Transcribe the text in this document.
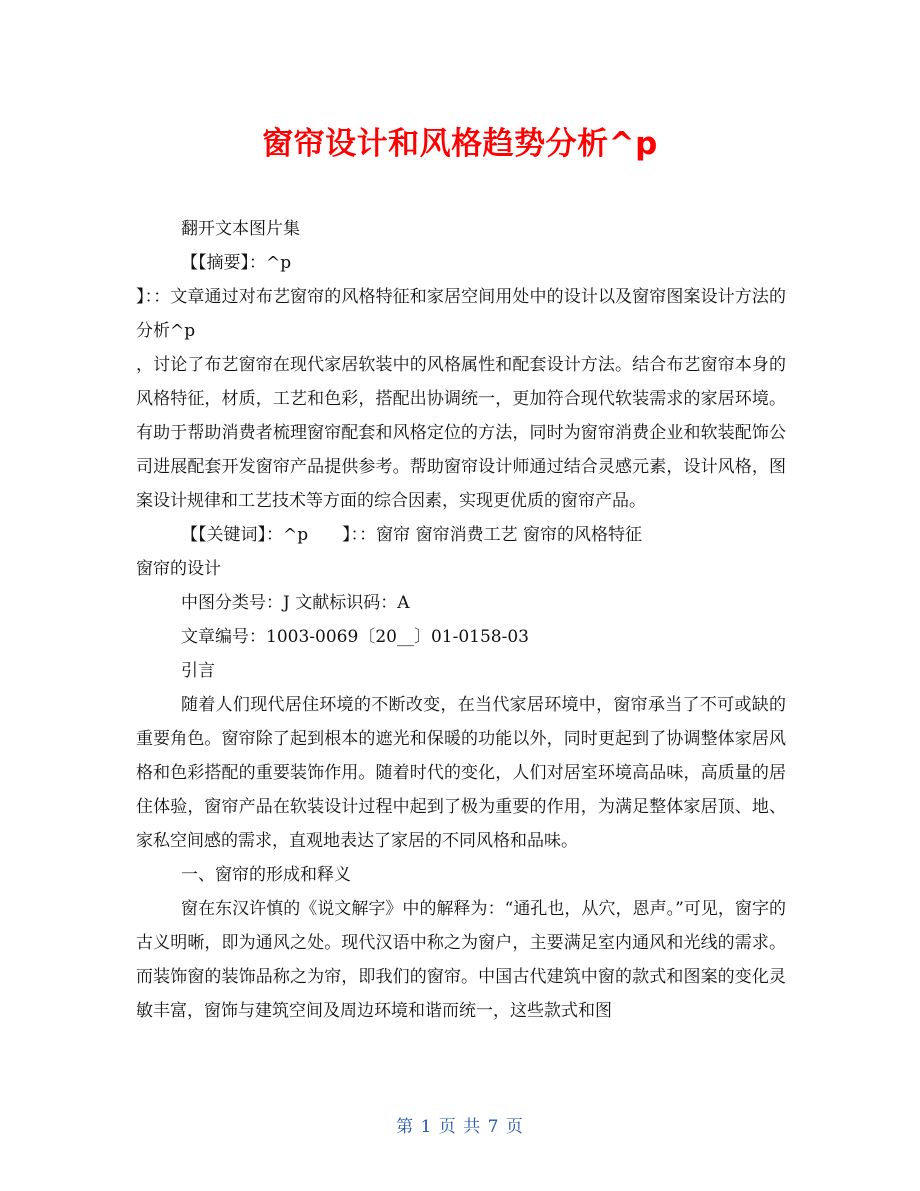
窗帘设计和风格趋势分析^p

翻开文本图片集

【【摘要】：^p

】：：文章通过对布艺窗帘的风格特征和家居空间用处中的设计以及窗帘图案设计方法的分析^p

，讨论了布艺窗帘在现代家居软装中的风格属性和配套设计方法。结合布艺窗帘本身的风格特征，材质，工艺和色彩，搭配出协调统一，更加符合现代软装需求的家居环境。有助于帮助消费者梳理窗帘配套和风格定位的方法，同时为窗帘消费企业和软装配饰公司进展配套开发窗帘产品提供参考。帮助窗帘设计师通过结合灵感元素，设计风格，图案设计规律和工艺技术等方面的综合因素，实现更优质的窗帘产品。

【【关键词】：^p　　】：：窗帘 窗帘消费工艺 窗帘的风格特征

窗帘的设计

中图分类号：J 文献标识码：A

文章编号：1003-0069〔20__〕01-0158-03

引言

随着人们现代居住环境的不断改变，在当代家居环境中，窗帘承当了不可或缺的重要角色。窗帘除了起到根本的遮光和保暖的功能以外，同时更起到了协调整体家居风格和色彩搭配的重要装饰作用。随着时代的变化，人们对居室环境高品味，高质量的居住体验，窗帘产品在软装设计过程中起到了极为重要的作用，为满足整体家居顶、地、家私空间感的需求，直观地表达了家居的不同风格和品味。

一、窗帘的形成和释义

窗在东汉许慎的《说文解字》中的解释为：“通孔也，从穴，恩声。”可见，窗字的古义明晰，即为通风之处。现代汉语中称之为窗户，主要满足室内通风和光线的需求。而装饰窗的装饰品称之为帘，即我们的窗帘。中国古代建筑中窗的款式和图案的变化灵敏丰富，窗饰与建筑空间及周边环境和谐而统一，这些款式和图

第 1 页 共 7 页
